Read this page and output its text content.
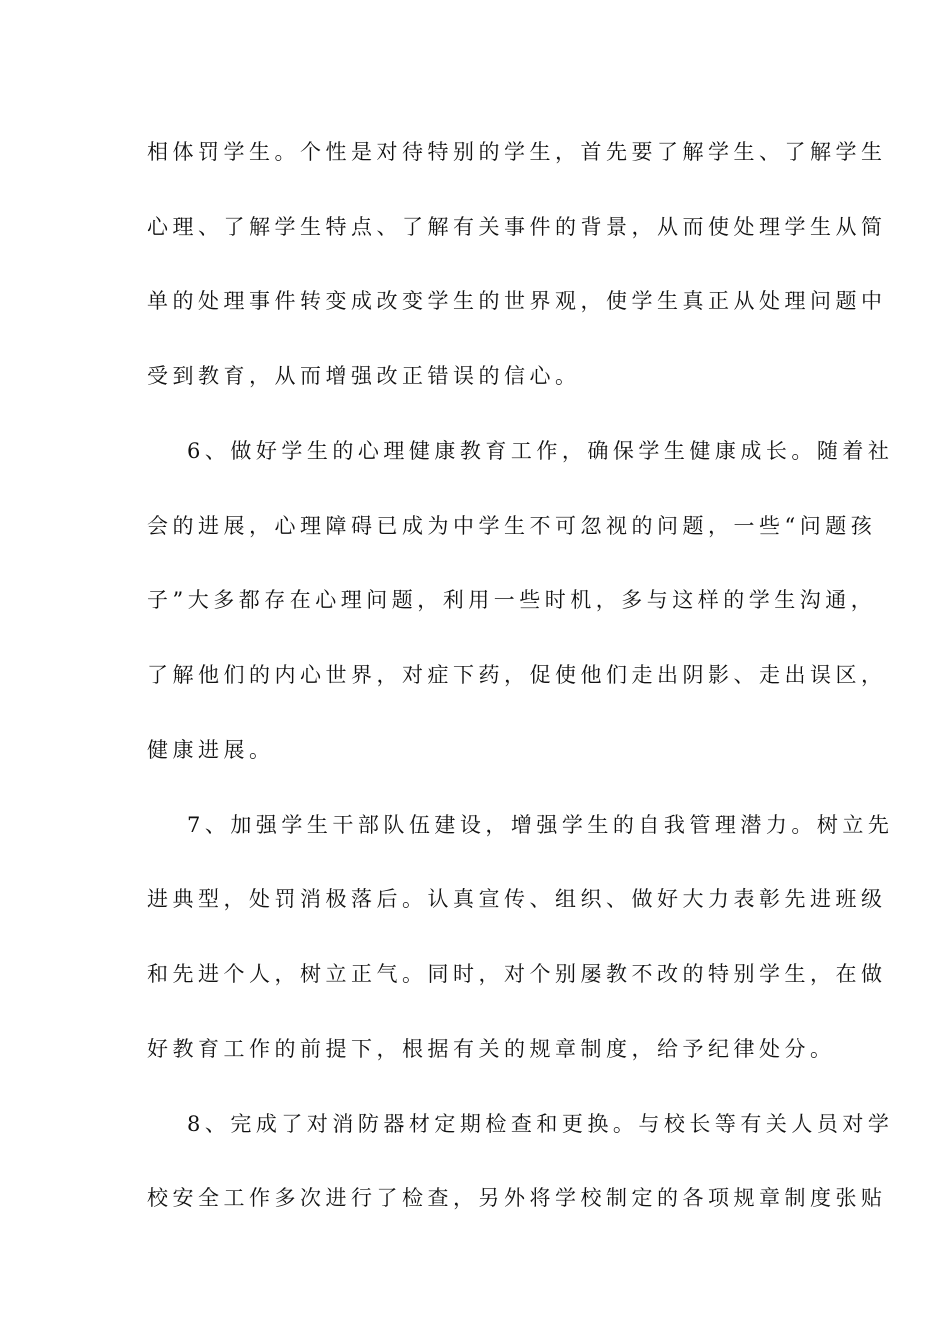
相体罚学生。个性是对待特别的学生，首先要了解学生、了解学生
心理、了解学生特点、了解有关事件的背景，从而使处理学生从简
单的处理事件转变成改变学生的世界观，使学生真正从处理问题中
受到教育，从而增强改正错误的信心。
6、做好学生的心理健康教育工作，确保学生健康成长。随着社
会的进展，心理障碍已成为中学生不可忽视的问题，一些“问题孩
子”大多都存在心理问题，利用一些时机，多与这样的学生沟通，
了解他们的内心世界，对症下药，促使他们走出阴影、走出误区，
健康进展。
7、加强学生干部队伍建设，增强学生的自我管理潜力。树立先
进典型，处罚消极落后。认真宣传、组织、做好大力表彰先进班级
和先进个人，树立正气。同时，对个别屡教不改的特别学生，在做
好教育工作的前提下，根据有关的规章制度，给予纪律处分。
8、完成了对消防器材定期检查和更换。与校长等有关人员对学
校安全工作多次进行了检查，另外将学校制定的各项规章制度张贴
